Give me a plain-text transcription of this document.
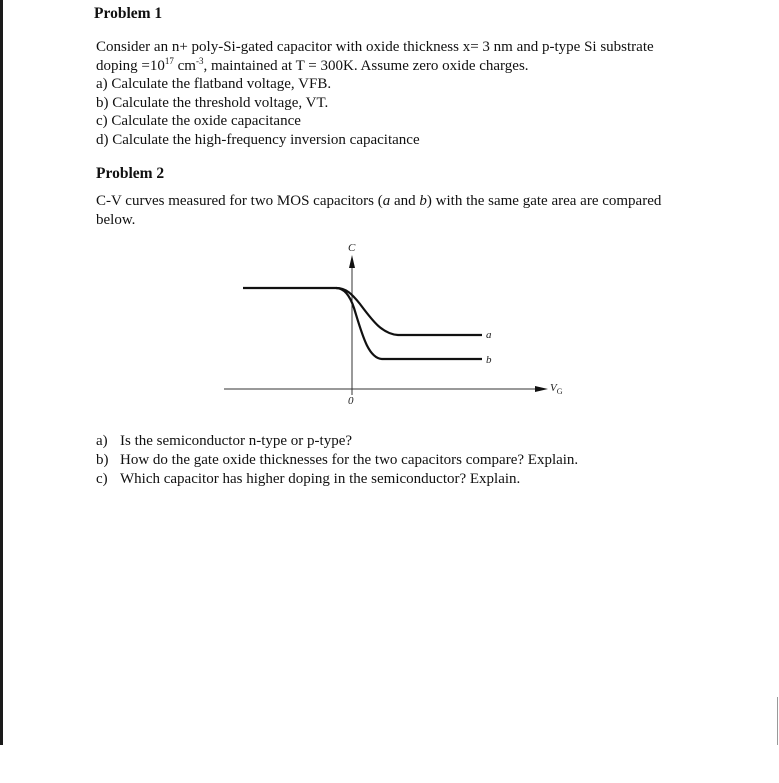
Problem 1
Consider an n+ poly-Si-gated capacitor with oxide thickness x= 3 nm and p-type Si substrate
doping $=10^{17}$ $cm^{-3}$, maintained at T = 300K. Assume zero oxide charges.
a) Calculate the flatband voltage, VFB.
b) Calculate the threshold voltage, VT.
c) Calculate the oxide capacitance
d) Calculate the high-frequency inversion capacitance
Problem 2
C-V curves measured for two MOS capacitors (a and b) with the same gate area are compared
below.
C
0
a
b
$V_G$
a) Is the semiconductor n-type or p-type?
b) How do the gate oxide thicknesses for the two capacitors compare? Explain.
c) Which capacitor has higher doping in the semiconductor? Explain.
